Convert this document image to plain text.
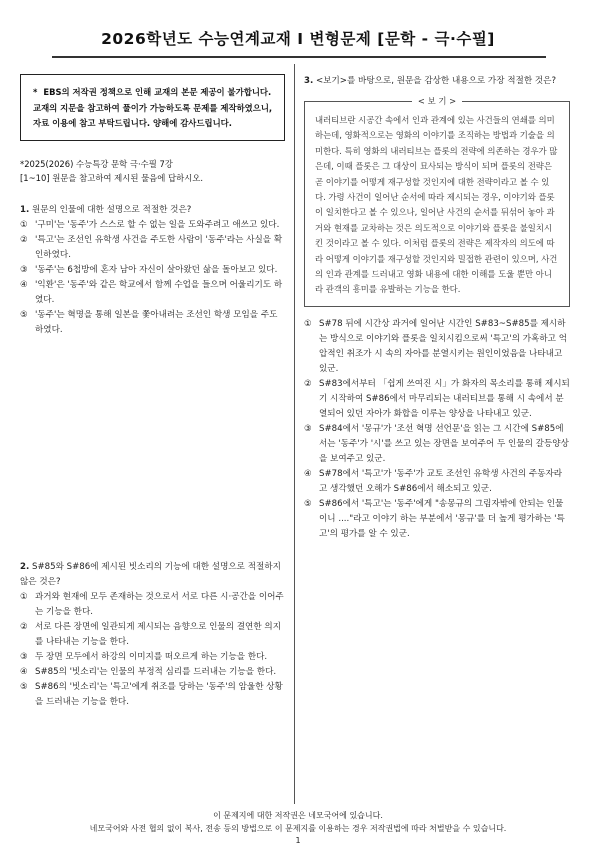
2026학년도 수능연계교재 I 변형문제 [문학 - 극·수필]
* EBS의 저작권 정책으로 인해 교재의 본문 제공이 불가합니다. 교재의 지문을 참고하여 풀이가 가능하도록 문제를 제작하였으니,
자료 이용에 참고 부탁드립니다. 양해에 감사드립니다.
*2025(2026) 수능특강 문학 극·수필 7강
[1~10] 원문을 참고하여 제시된 물음에 답하시오.
1. 원문의 인물에 대한 설명으로 적절한 것은?
① '구미'는 '동주'가 스스로 할 수 없는 일을 도와주려고 애쓰고 있다.
② '특고'는 조선인 유학생 사건을 주도한 사람이 '동주'라는 사실을 확인하였다.
③ '동주'는 6첩방에 혼자 남아 자신이 살아왔던 삶을 돌아보고 있다.
④ '익환'은 '동주'와 같은 학교에서 함께 수업을 들으며 어울리기도 하였다.
⑤ '동주'는 혁명을 통해 일본을 쫓아내려는 조선인 학생 모임을 주도하였다.
2. S#85와 S#86에 제시된 빗소리의 기능에 대한 설명으로 적절하지 않은 것은?
① 과거와 현재에 모두 존재하는 것으로서 서로 다른 시·공간을 이어주는 기능을 한다.
② 서로 다른 장면에 일관되게 제시되는 음향으로 인물의 결연한 의지를 나타내는 기능을 한다.
③ 두 장면 모두에서 하강의 이미지를 떠오르게 하는 기능을 한다.
④ S#85의 '빗소리'는 인물의 부정적 심리를 드러내는 기능을 한다.
⑤ S#86의 '빗소리'는 '특고'에게 취조를 당하는 '동주'의 암울한 상황을 드러내는 기능을 한다.
3. <보기>를 바탕으로, 원문을 감상한 내용으로 가장 적절한 것은?
< 보 기 >
내러티브란 시공간 속에서 인과 관계에 있는 사건들의 연쇄를 의미하는데, 영화적으로는 영화의 이야기를 조직하는 방법과 기술을 의미한다. 특히 영화의 내러티브는 플롯의 전략에 의존하는 경우가 많은데, 이때 플롯은 그 대상이 묘사되는 방식이 되며 플롯의 전략은 곧 이야기를 어떻게 재구성할 것인지에 대한 전략이라고 볼 수 있다. 가령 사건이 일어난 순서에 따라 제시되는 경우, 이야기와 플롯이 일치한다고 볼 수 있으나, 일어난 사건의 순서를 뒤섞어 놓아 과거와 현재를 교차하는 것은 의도적으로 이야기와 플롯을 불일치시킨 것이라고 볼 수 있다. 이처럼 플롯의 전략은 제작자의 의도에 따라 어떻게 이야기를 재구성할 것인지와 밀접한 관련이 있으며, 사건의 인과 관계를 드러내고 영화 내용에 대한 이해를 도울 뿐만 아니라 관객의 흥미를 유발하는 기능을 한다.
① S#78 뒤에 시간상 과거에 일어난 시간인 S#83~S#85를 제시하는 방식으로 이야기와 플롯을 일치시킴으로써 '특고'의 가혹하고 억압적인 취조가 시 속의 자아를 분열시키는 원인이었음을 나타내고 있군.
② S#83에서부터 「쉽게 쓰여진 시」가 화자의 목소리를 통해 제시되기 시작하여 S#86에서 마무리되는 내러티브를 통해 시 속에서 분열되어 있던 자아가 화합을 이루는 양상을 나타내고 있군.
③ S#84에서 '몽규'가 '조선 혁명 선언문'을 읽는 그 시간에 S#85에서는 '동주'가 '시'를 쓰고 있는 장면을 보여주어 두 인물의 갈등양상을 보여주고 있군.
④ S#78에서 '특고'가 '동주'가 교토 조선인 유학생 사건의 주동자라고 생각했던 오해가 S#86에서 해소되고 있군.
⑤ S#86에서 '특고'는 '동주'에게 "송몽규의 그림자밖에 안되는 인물이니 ...."라고 이야기 하는 부분에서 '몽규'를 더 높게 평가하는 '특고'의 평가를 알 수 있군.
이 문제지에 대한 저작권은 네모국어에 있습니다.
네모국어와 사전 협의 없이 복사, 전송 등의 방법으로 이 문제지를 이용하는 경우 저작권법에 따라 처벌받을 수 있습니다.
1
